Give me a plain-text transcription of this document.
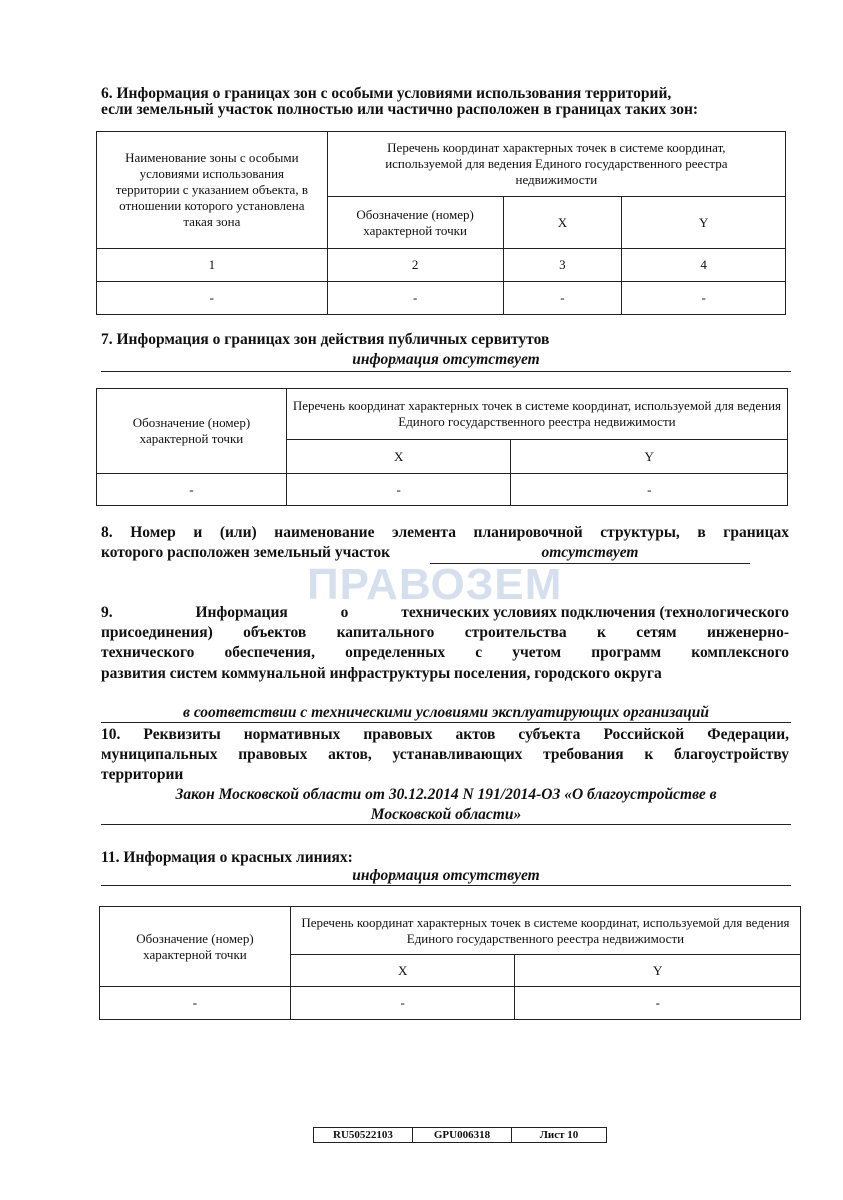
ПРАВОЗЕМ
6. Информация о границах зон с особыми условиями использования территорий,
если земельный участок полностью или частично расположен в границах таких зон:
Наименование зоны с особыми условиями использования территории с указанием объекта, в отношении которого установлена такая зона	Перечень координат характерных точек в системе координат, используемой для ведения Единого государственного реестра недвижимости		
	Обозначение (номер) характерной точки	X	Y
1	2	3	4
-	-	-	-
7. Информация о границах зон действия публичных сервитутов
информация отсутствует
Обозначение (номер) характерной точки	Перечень координат характерных точек в системе координат, используемой для ведения Единого государственного реестра недвижимости	
	X	Y
-	-	-
8. Номер и (или) наименование элемента планировочной структуры, в границах
которого расположен земельный участок	отсутствует
9.	Информация	о	технических условиях подключения (технологического
присоединения) объектов капитального строительства к сетям инженерно-
технического обеспечения, определенных с учетом программ комплексного
развития систем коммунальной инфраструктуры поселения, городского округа
в соответствии с техническими условиями эксплуатирующих организаций
10. Реквизиты нормативных правовых актов субъекта Российской Федерации,
муниципальных правовых актов, устанавливающих требования к благоустройству
территории
Закон Московской области от 30.12.2014 N 191/2014-ОЗ «О благоустройстве в
Московской области»
11. Информация о красных линиях:
информация отсутствует
Обозначение (номер) характерной точки	Перечень координат характерных точек в системе координат, используемой для ведения Единого государственного реестра недвижимости	
	X	Y
-	-	-
RU50522103	GPU006318	Лист 10
